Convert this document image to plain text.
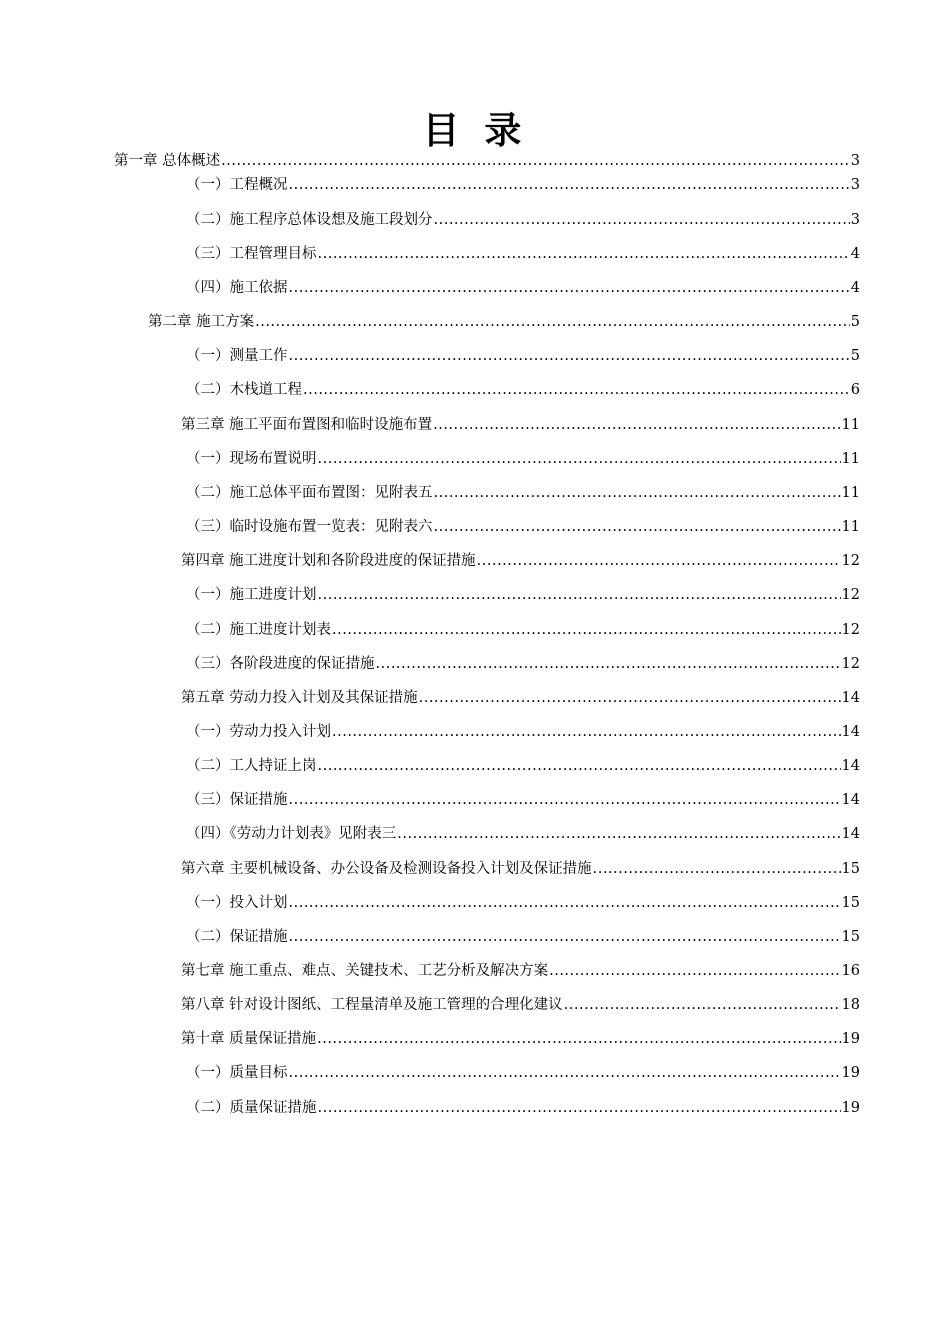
目 录
第一章 总体概述 .....	3
（一）工程概况 .....	3
（二）施工程序总体设想及施工段划分 .....	3
（三）工程管理目标 .....	4
（四）施工依据 .....	4
第二章 施工方案 .....	5
（一）测量工作 .....	5
（二）木栈道工程 .....	6
第三章 施工平面布置图和临时设施布置 .....	11
（一）现场布置说明 .....	11
（二）施工总体平面布置图：见附表五 .....	11
（三）临时设施布置一览表：见附表六 .....	11
第四章 施工进度计划和各阶段进度的保证措施 .....	12
（一）施工进度计划 .....	12
（二）施工进度计划表 .....	12
（三）各阶段进度的保证措施 .....	12
第五章 劳动力投入计划及其保证措施 .....	14
（一）劳动力投入计划 .....	14
（二）工人持证上岗 .....	14
（三）保证措施 .....	14
（四）《劳动力计划表》见附表三 .....	14
第六章 主要机械设备、办公设备及检测设备投入计划及保证措施 .....	15
（一）投入计划 .....	15
（二）保证措施 .....	15
第七章 施工重点、难点、关键技术、工艺分析及解决方案 .....	16
第八章 针对设计图纸、工程量清单及施工管理的合理化建议 .....	18
第十章 质量保证措施 .....	19
（一）质量目标 .....	19
（二）质量保证措施 .....	19
